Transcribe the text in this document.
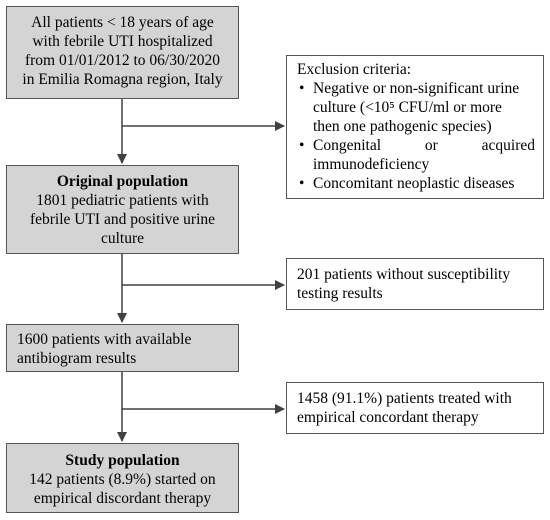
All patients < 18 years of age
with febrile UTI hospitalized
from 01/01/2012 to 06/30/2020
in Emilia Romagna region, Italy
Exclusion criteria:
• Negative or non-significant urine
culture (<10⁵ CFU/ml or more
then one pathogenic species)
• Congenital	or	acquired
immunodeficiency
• Concomitant neoplastic diseases
Original population
1801 pediatric patients with
febrile UTI and positive urine
culture
201 patients without susceptibility
testing results
1600 patients with available
antibiogram results
1458 (91.1%) patients treated with
empirical concordant therapy
Study population
142 patients (8.9%) started on
empirical discordant therapy
